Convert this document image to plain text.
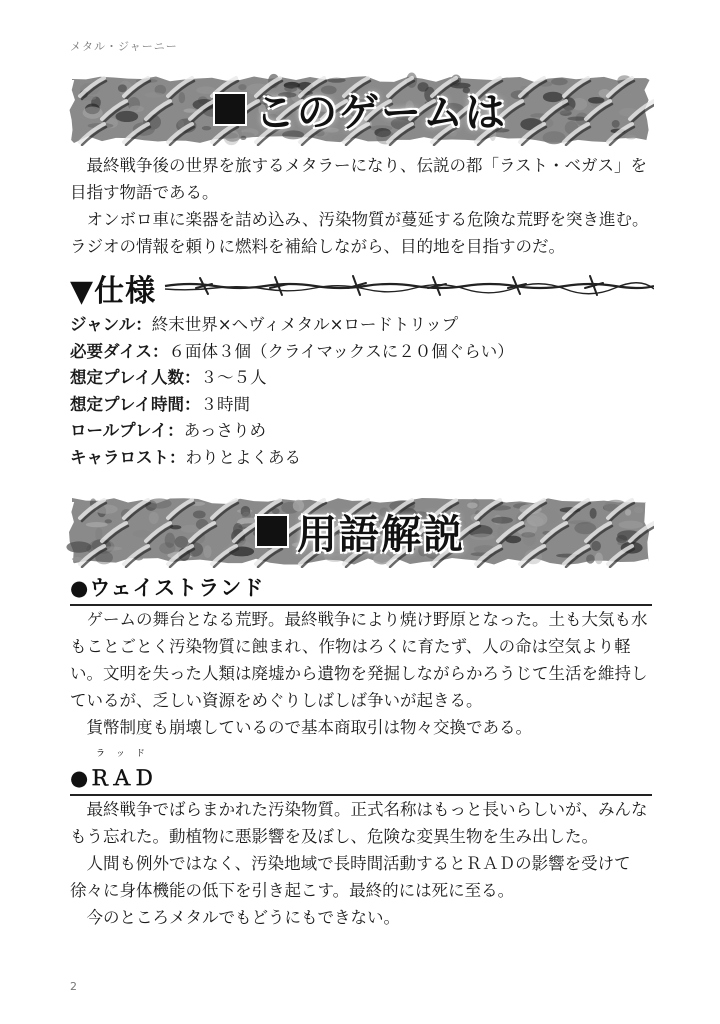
メタル・ジャーニー
このゲームは

最終戦争後の世界を旅するメタラーになり、伝説の都「ラスト・ベガス」を目指す物語である。

オンボロ車に楽器を詰め込み、汚染物質が蔓延する危険な荒野を突き進む。ラジオの情報を頼りに燃料を補給しながら、目的地を目指すのだ。

▼仕様
ジャンル：終末世界×ヘヴィメタル×ロードトリップ
必要ダイス：６面体３個（クライマックスに２０個ぐらい）
想定プレイ人数：３～５人
想定プレイ時間：３時間
ロールプレイ：あっさりめ
キャラロスト：わりとよくある
用語解説
●ウェイストランド

ゲームの舞台となる荒野。最終戦争により焼け野原となった。土も大気も水もことごとく汚染物質に蝕まれ、作物はろくに育たず、人の命は空気より軽い。文明を失った人類は廃墟から遺物を発掘しながらかろうじて生活を維持しているが、乏しい資源をめぐりしばしば争いが起きる。

貨幣制度も崩壊しているので基本商取引は物々交換である。

ラッド
●ＲＡＤ

最終戦争でばらまかれた汚染物質。正式名称はもっと長いらしいが、みんなもう忘れた。動植物に悪影響を及ぼし、危険な変異生物を生み出した。

人間も例外ではなく、汚染地域で長時間活動するとＲＡＤの影響を受けて徐々に身体機能の低下を引き起こす。最終的には死に至る。

今のところメタルでもどうにもできない。

2
